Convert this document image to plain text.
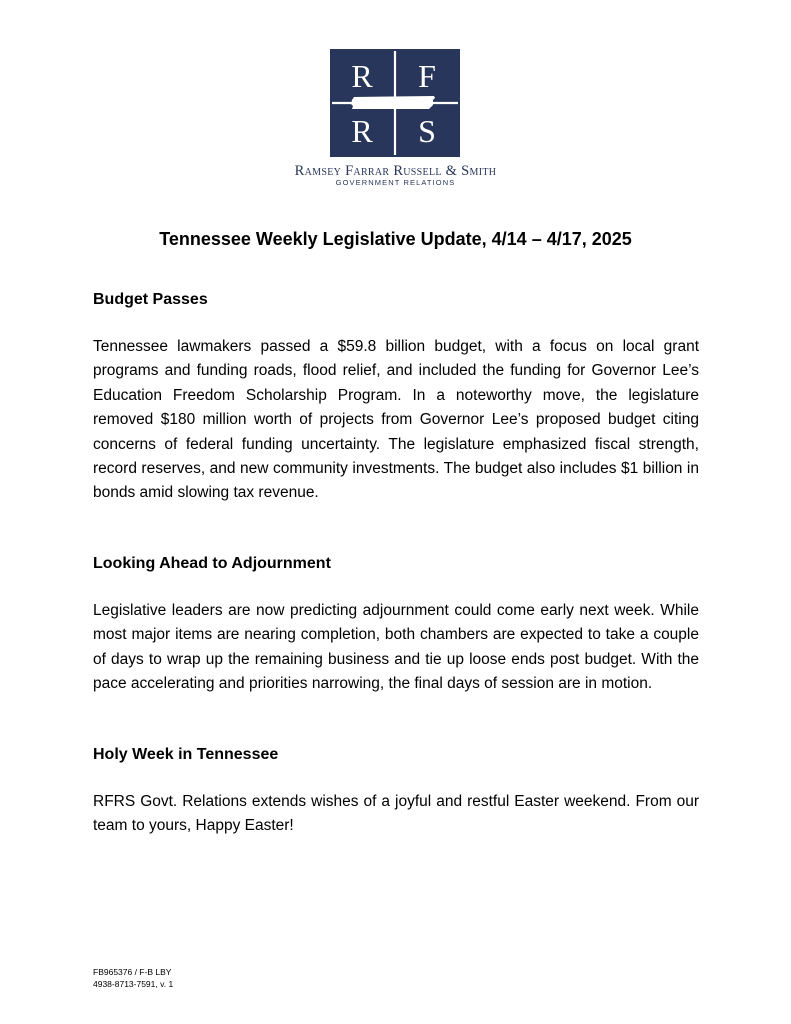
R F
R S
Ramsey Farrar Russell & Smith
GOVERNMENT RELATIONS
Tennessee Weekly Legislative Update, 4/14 – 4/17, 2025
Budget Passes
Tennessee lawmakers passed a $59.8 billion budget, with a focus on local grant programs and funding roads, flood relief, and included the funding for Governor Lee’s Education Freedom Scholarship Program. In a noteworthy move, the legislature removed $180 million worth of projects from Governor Lee’s proposed budget citing concerns of federal funding uncertainty. The legislature emphasized fiscal strength, record reserves, and new community investments. The budget also includes $1 billion in bonds amid slowing tax revenue.
Looking Ahead to Adjournment
Legislative leaders are now predicting adjournment could come early next week. While most major items are nearing completion, both chambers are expected to take a couple of days to wrap up the remaining business and tie up loose ends post budget. With the pace accelerating and priorities narrowing, the final days of session are in motion.
Holy Week in Tennessee
RFRS Govt. Relations extends wishes of a joyful and restful Easter weekend. From our team to yours, Happy Easter!
FB965376 / F-B LBY
4938-8713-7591, v. 1
